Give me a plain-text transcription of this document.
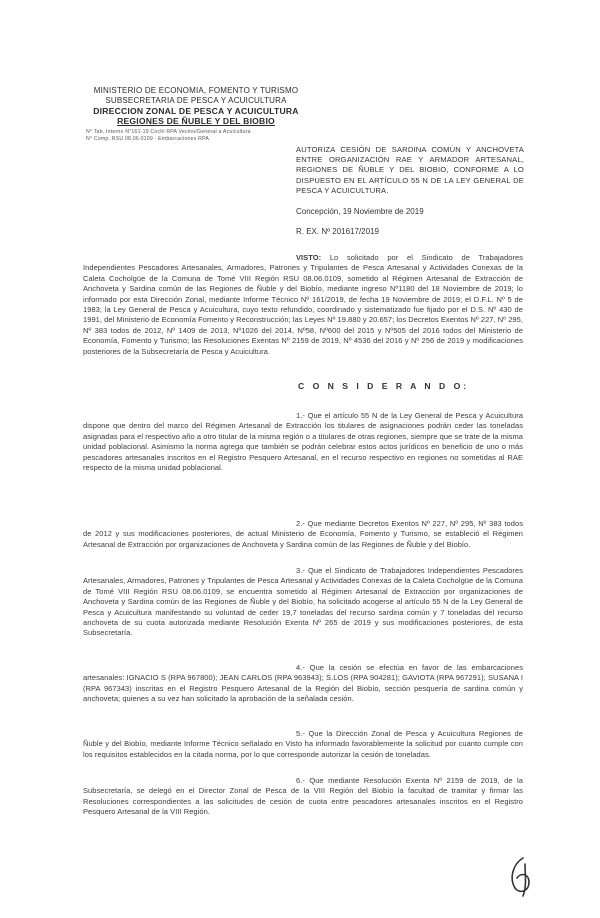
MINISTERIO DE ECONOMIA, FOMENTO Y TURISMO
SUBSECRETARIA DE PESCA Y ACUICULTURA
DIRECCION ZONAL DE PESCA Y ACUICULTURA
REGIONES DE ÑUBLE Y DEL BIOBIO
N° Tab. Interno N°161-19 Cochi RPA Vecino/General a Acuicultura
N° Comp. RSU 08.06.0109 · Embarcaciones RPA
AUTORIZA CESIÓN DE SARDINA COMÚN Y ANCHOVETA ENTRE ORGANIZACIÓN RAE Y ARMADOR ARTESANAL, REGIONES DE ÑUBLE Y DEL BIOBIO, CONFORME A LO DISPUESTO EN EL ARTÍCULO 55 N DE LA LEY GENERAL DE PESCA Y ACUICULTURA.
Concepción, 19 Noviembre de 2019
R. EX. Nº 201617/2019
VISTO: Lo solicitado por el Sindicato de Trabajadores Independientes Pescadores Artesanales, Armadores, Patrones y Tripulantes de Pesca Artesanal y Actividades Conexas de la Caleta Cocholgüe de la Comuna de Tomé VIII Región RSU 08.06.0109, sometido al Régimen Artesanal de Extracción de Anchoveta y Sardina común de las Regiones de Ñuble y del Biobío, mediante ingreso Nº1180 del 18 Noviembre de 2019; lo informado por esta Dirección Zonal, mediante Informe Técnico Nº 161/2019, de fecha 19 Noviembre de 2019; el D.F.L. Nº 5 de 1983; la Ley General de Pesca y Acuicultura, cuyo texto refundido, coordinado y sistematizado fue fijado por el D.S. Nº 430 de 1991, del Ministerio de Economía Fomento y Reconstrucción; las Leyes Nº 19.880 y 20.657; los Decretos Exentos Nº 227, Nº 295, Nº 383 todos de 2012, Nº 1409 de 2013, Nº1026 del 2014, Nº58, Nº600 del 2015 y Nº505 del 2016 todos del Ministerio de Economía, Fomento y Turismo; las Resoluciones Exentas Nº 2159 de 2019, Nº 4536 del 2016 y Nº 256 de 2019 y modificaciones posteriores de la Subsecretaría de Pesca y Acuicultura.
C O N S I D E R A N D O:
1.- Que el artículo 55 N de la Ley General de Pesca y Acuicultura dispone que dentro del marco del Régimen Artesanal de Extracción los titulares de asignaciones podrán ceder las toneladas asignadas para el respectivo año a otro titular de la misma región o a titulares de otras regiones, siempre que se trate de la misma unidad poblacional. Asimismo la norma agrega que también se podrán celebrar estos actos jurídicos en beneficio de uno o más pescadores artesanales inscritos en el Registro Pesquero Artesanal, en el recurso respectivo en regiones no sometidas al RAE respecto de la misma unidad poblacional.
2.- Que mediante Decretos Exentos Nº 227, Nº 295, Nº 383 todos de 2012 y sus modificaciones posteriores, de actual Ministerio de Economía, Fomento y Turismo, se estableció el Régimen Artesanal de Extracción por organizaciones de Anchoveta y Sardina común de las Regiones de Ñuble y del Biobío.
3.- Que el Sindicato de Trabajadores Independientes Pescadores Artesanales, Armadores, Patrones y Tripulantes de Pesca Artesanal y Actividades Conexas de la Caleta Cocholgüe de la Comuna de Tomé VIII Región RSU 08.06.0109, se encuentra sometido al Régimen Artesanal de Extracción por organizaciones de Anchoveta y Sardina común de las Regiones de Ñuble y del Biobío, ha solicitado acogerse al artículo 55 N de la Ley General de Pesca y Acuicultura manifestando su voluntad de ceder 19,7 toneladas del recurso sardina común y 7 toneladas del recurso anchoveta de su cuota autorizada mediante Resolución Exenta Nº 265 de 2019 y sus modificaciones posteriores, de esta Subsecretaría.
4.- Que la cesión se efectúa en favor de las embarcaciones artesanales: IGNACIO S (RPA 967800); JEAN CARLOS (RPA 963943); S.LOS (RPA 904281); GAVIOTA (RPA 967291); SUSANA I (RPA 967343) inscritas en el Registro Pesquero Artesanal de la Región del Biobío, sección pesquería de sardina común y anchoveta; quienes a su vez han solicitado la aprobación de la señalada cesión.
5.- Que la Dirección Zonal de Pesca y Acuicultura Regiones de Ñuble y del Biobío, mediante Informe Técnico señalado en Visto ha informado favorablemente la solicitud por cuanto cumple con los requisitos establecidos en la citada norma, por lo que corresponde autorizar la cesión de toneladas.
6.- Que mediante Resolución Exenta Nº 2159 de 2019, de la Subsecretaría, se delegó en el Director Zonal de Pesca de la VIII Región del Biobío la facultad de tramitar y firmar las Resoluciones correspondientes a las solicitudes de cesión de cuota entre pescadores artesanales inscritos en el Registro Pesquero Artesanal de la VIII Región.
